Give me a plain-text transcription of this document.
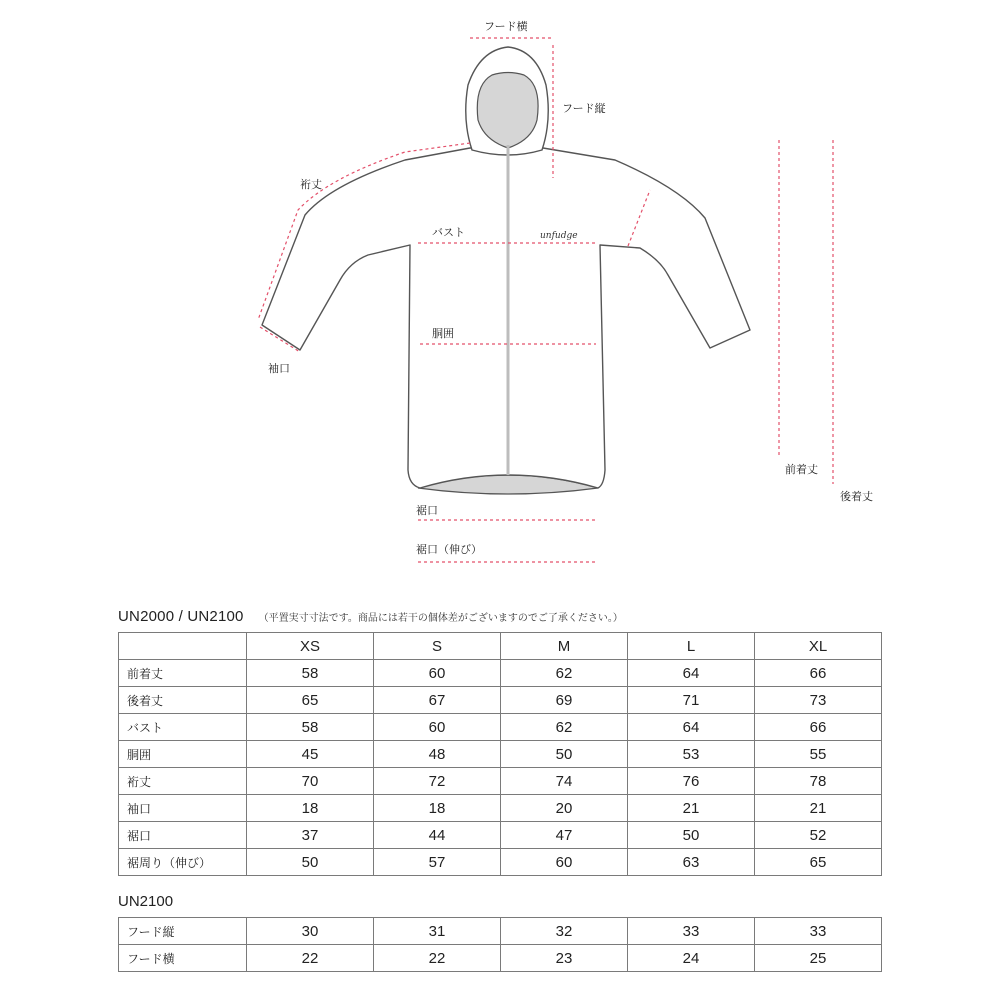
unfudge
フード横
フード縦
裄丈
バスト
胴囲
袖口
前着丈
後着丈
裾口
裾口（伸び）
UN2000 / UN2100 （平置実寸寸法です。商品には若干の個体差がございますのでご了承ください。）
	XS	S	M	L	XL
前着丈	58	60	62	64	66
後着丈	65	67	69	71	73
バスト	58	60	62	64	66
胴囲	45	48	50	53	55
裄丈	70	72	74	76	78
袖口	18	18	20	21	21
裾口	37	44	47	50	52
裾周り（伸び）	50	57	60	63	65
UN2100
フード縦	30	31	32	33	33
フード横	22	22	23	24	25
